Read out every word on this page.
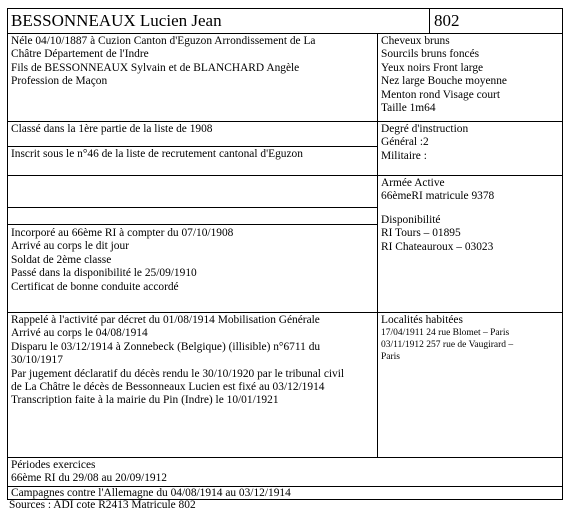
BESSONNEAUX Lucien Jean	802
Néle 04/10/1887 à Cuzion Canton d'Eguzon Arrondissement de La
Châtre Département de l'Indre
Fils de BESSONNEAUX Sylvain et de BLANCHARD Angèle
Profession de Maçon
Cheveux bruns
Sourcils bruns foncés
Yeux noirs Front large
Nez large Bouche moyenne
Menton rond Visage court
Taille 1m64
Classé dans la 1ère partie de la liste de 1908
Inscrit sous le n°46 de la liste de recrutement cantonal d'Eguzon
Degré d'instruction
Général :2
Militaire :
Armée Active
66èmeRI matricule 9378
Disponibilité
RI Tours – 01895
RI Chateauroux – 03023
Incorporé au 66ème RI à compter du 07/10/1908
Arrivé au corps le dit jour
Soldat de 2ème classe
Passé dans la disponibilité le 25/09/1910
Certificat de bonne conduite accordé
Rappelé à l'activité par décret du 01/08/1914 Mobilisation Générale
Arrivé au corps le 04/08/1914
Disparu le 03/12/1914 à Zonnebeck (Belgique) (illisible) n°6711 du
30/10/1917
Par jugement déclaratif du décès rendu le 30/10/1920 par le tribunal civil
de La Châtre le décès de Bessonneaux Lucien est fixé au 03/12/1914
Transcription faite à la mairie du Pin (Indre) le 10/01/1921
Localités habitées
17/04/1911 24 rue Blomet – Paris
03/11/1912 257 rue de Vaugirard –
Paris
Périodes exercices
66ème RI du 29/08 au 20/09/1912
Campagnes contre l'Allemagne du 04/08/1914 au 03/12/1914
Sources : ADI cote R2413 Matricule 802
